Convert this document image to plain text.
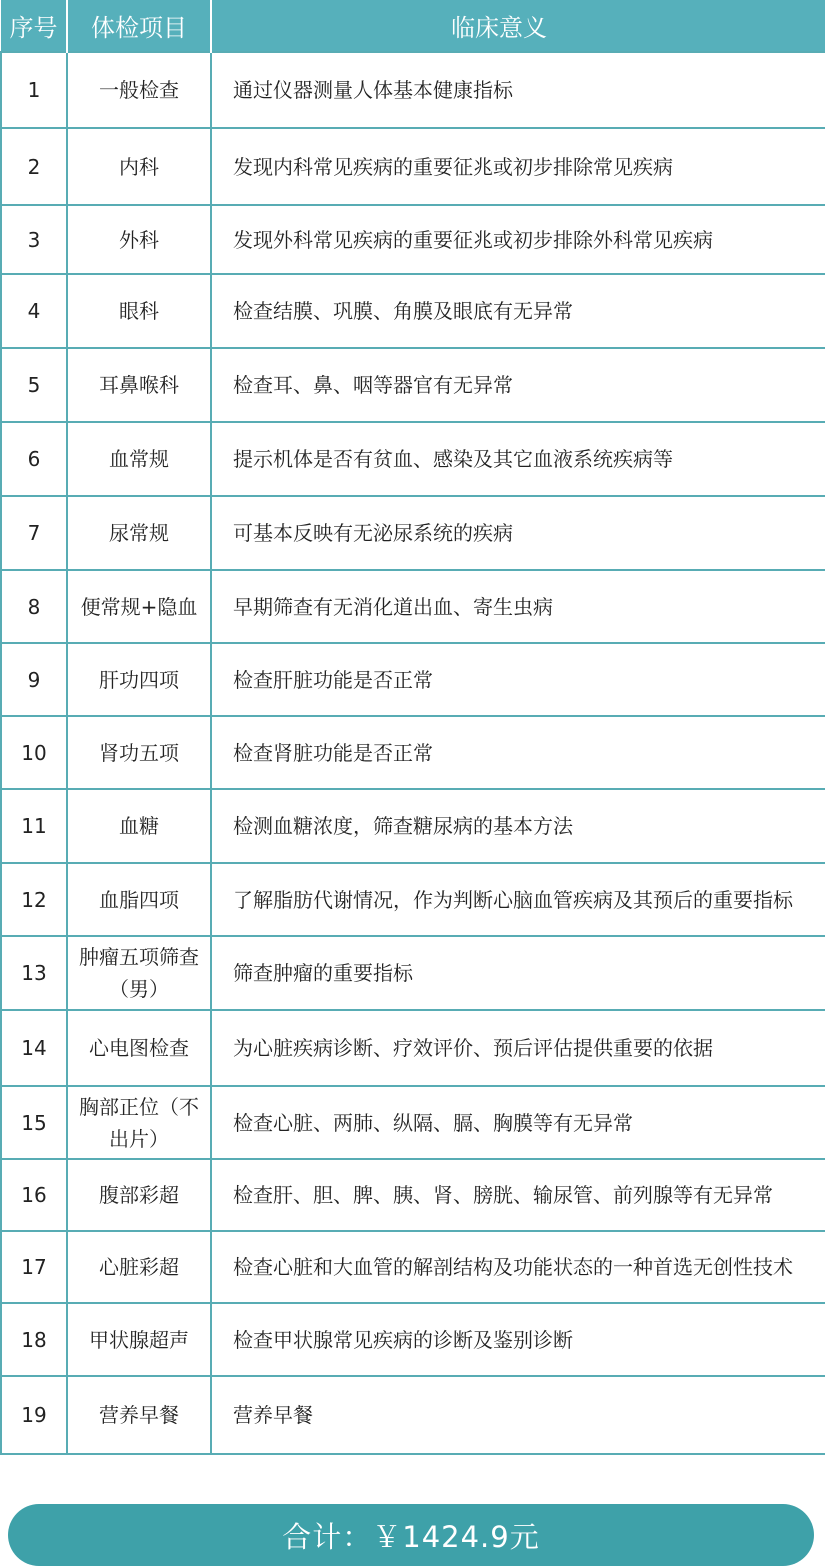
序号	体检项目	临床意义
1	一般检查	通过仪器测量人体基本健康指标
2	内科	发现内科常见疾病的重要征兆或初步排除常见疾病
3	外科	发现外科常见疾病的重要征兆或初步排除外科常见疾病
4	眼科	检查结膜、巩膜、角膜及眼底有无异常
5	耳鼻喉科	检查耳、鼻、咽等器官有无异常
6	血常规	提示机体是否有贫血、感染及其它血液系统疾病等
7	尿常规	可基本反映有无泌尿系统的疾病
8	便常规+隐血	早期筛查有无消化道出血、寄生虫病
9	肝功四项	检查肝脏功能是否正常
10	肾功五项	检查肾脏功能是否正常
11	血糖	检测血糖浓度，筛查糖尿病的基本方法
12	血脂四项	了解脂肪代谢情况，作为判断心脑血管疾病及其预后的重要指标
13	肿瘤五项筛查（男）	筛查肿瘤的重要指标
14	心电图检查	为心脏疾病诊断、疗效评价、预后评估提供重要的依据
15	胸部正位（不出片）	检查心脏、两肺、纵隔、膈、胸膜等有无异常
16	腹部彩超	检查肝、胆、脾、胰、肾、膀胱、输尿管、前列腺等有无异常
17	心脏彩超	检查心脏和大血管的解剖结构及功能状态的一种首选无创性技术
18	甲状腺超声	检查甲状腺常见疾病的诊断及鉴别诊断
19	营养早餐	营养早餐
合计：￥1424.9元
